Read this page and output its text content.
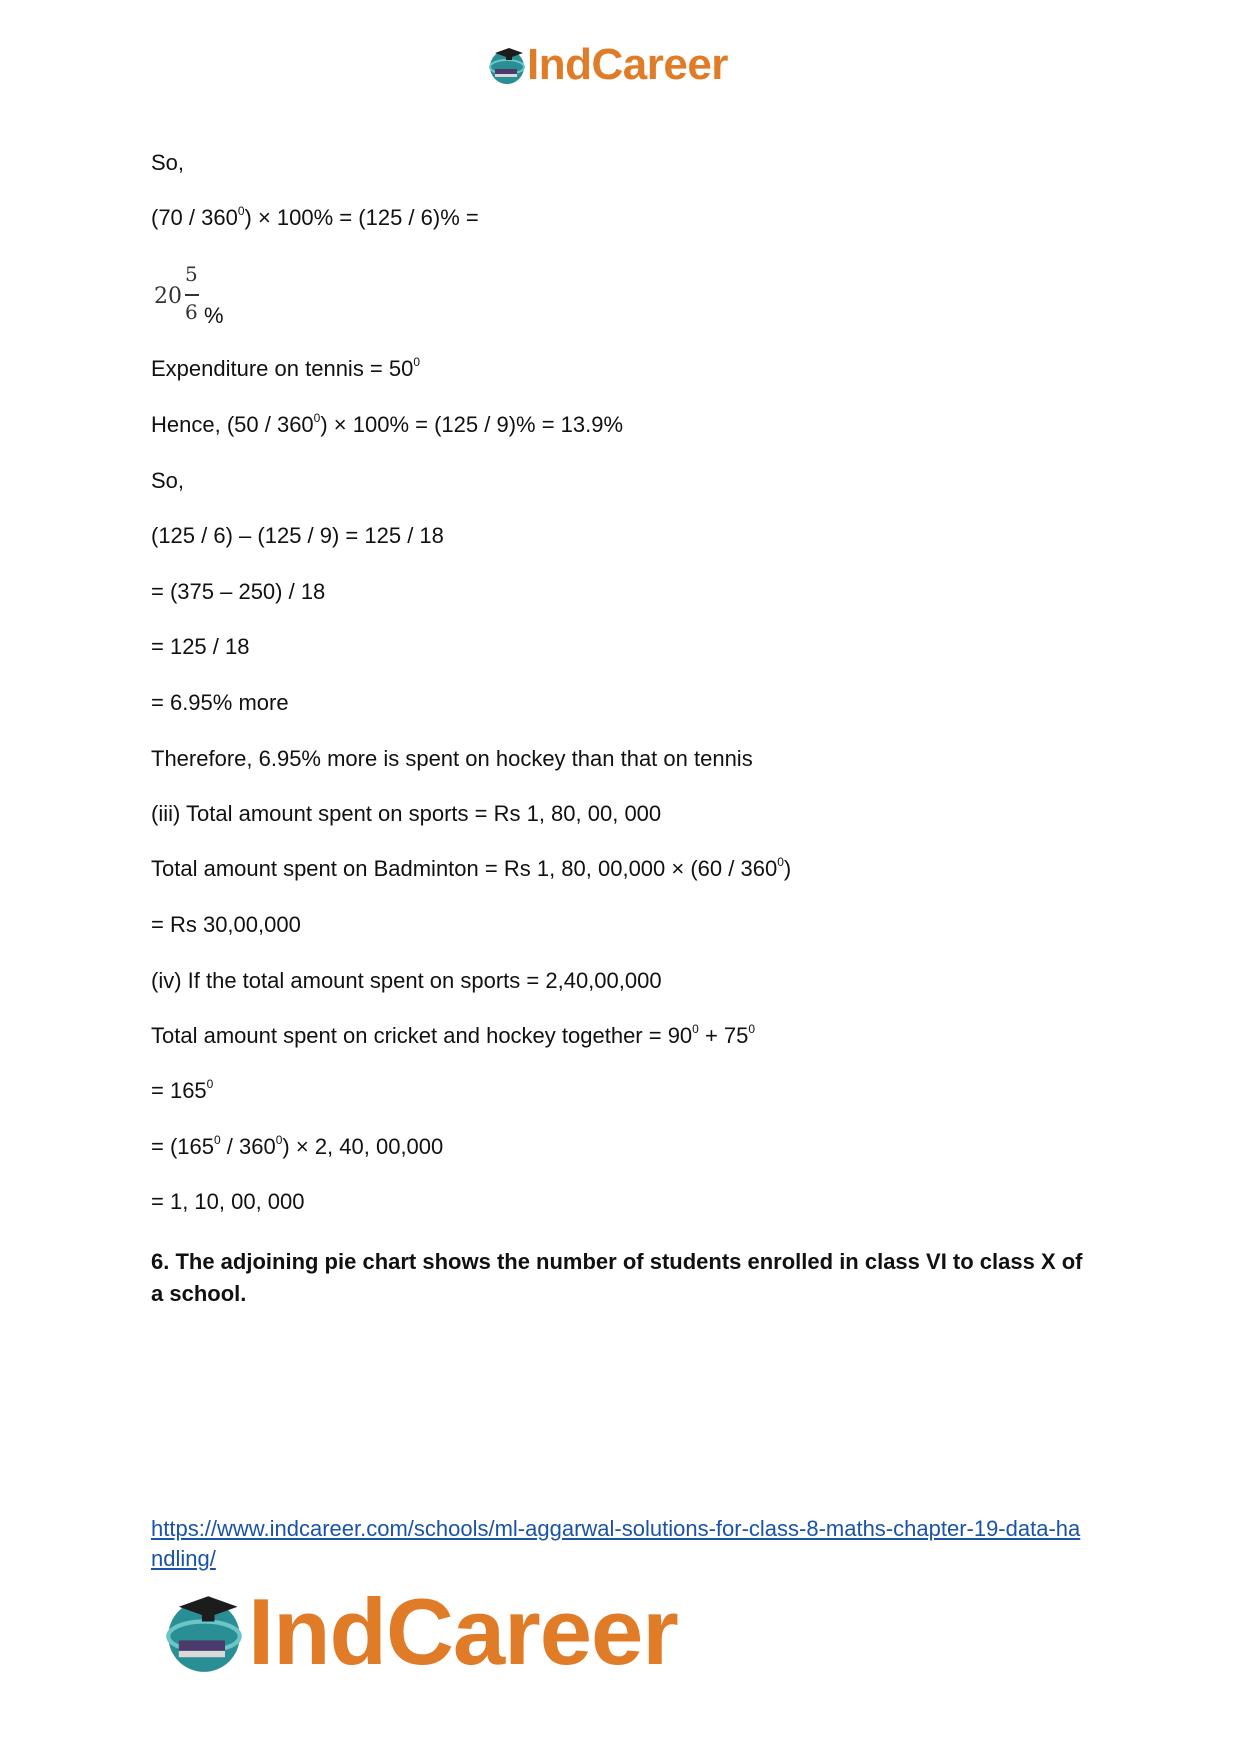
IndCareer
So,
$(70 / 360^0) \times 100\% = (125 / 6)\%$ =
20
5
6 %
Expenditure on tennis = $50^0$
Hence, $(50 / 360^0) \times 100\% = (125 / 9)\% = 13.9\%$
So,
(125 / 6) – (125 / 9) = 125 / 18
= (375 – 250) / 18
= 125 / 18
= 6.95% more
Therefore, 6.95% more is spent on hockey than that on tennis
(iii) Total amount spent on sports = Rs 1, 80, 00, 000
Total amount spent on Badminton = Rs 1, 80, $00,000 \times (60 / 360^0)$
= Rs 30,00,000
(iv) If the total amount spent on sports = 2,40,00,000
Total amount spent on cricket and hockey together = $90^0 + 75^0$
= $165^0$
= $(165^0 / 360^0) \times 2$, 40, 00,000
= 1, 10, 00, 000
6. The adjoining pie chart shows the number of students enrolled in class VI to class X of a school.
https://www.indcareer.com/schools/ml-aggarwal-solutions-for-class-8-maths-chapter-19-data-handling/
IndCareer
